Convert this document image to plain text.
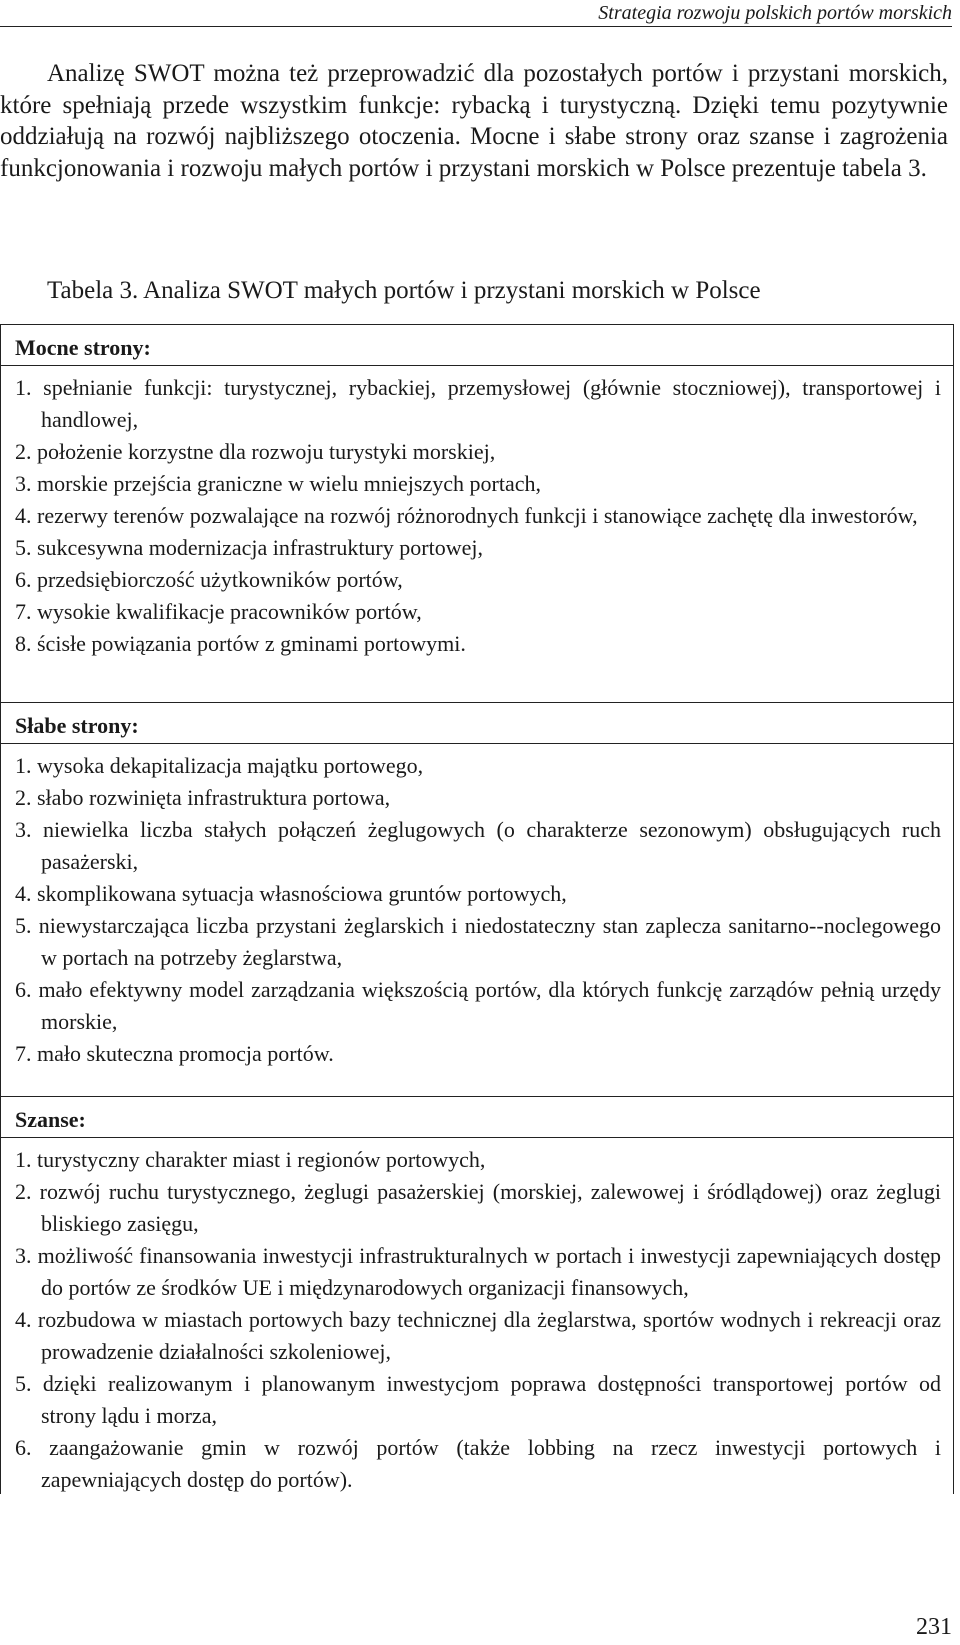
Strategia rozwoju polskich portów morskich

Analizę SWOT można też przeprowadzić dla pozostałych portów i przystani morskich, które spełniają przede wszystkim funkcje: rybacką i turystyczną. Dzięki temu pozytywnie oddziałują na rozwój najbliższego otoczenia. Mocne i słabe strony oraz szanse i zagrożenia funkcjonowania i rozwoju małych portów i przystani morskich w Polsce prezentuje tabela 3.

Tabela 3. Analiza SWOT małych portów i przystani morskich w Polsce

Mocne strony:

1. spełnianie funkcji: turystycznej, rybackiej, przemysłowej (głównie stoczniowej), transportowej i handlowej,

2. położenie korzystne dla rozwoju turystyki morskiej,

3. morskie przejścia graniczne w wielu mniejszych portach,

4. rezerwy terenów pozwalające na rozwój różnorodnych funkcji i stanowiące zachętę dla inwestorów,

5. sukcesywna modernizacja infrastruktury portowej,

6. przedsiębiorczość użytkowników portów,

7. wysokie kwalifikacje pracowników portów,

8. ścisłe powiązania portów z gminami portowymi.

Słabe strony:

1. wysoka dekapitalizacja majątku portowego,

2. słabo rozwinięta infrastruktura portowa,

3. niewielka liczba stałych połączeń żeglugowych (o charakterze sezonowym) obsługujących ruch pasażerski,

4. skomplikowana sytuacja własnościowa gruntów portowych,

5. niewystarczająca liczba przystani żeglarskich i niedostateczny stan zaplecza sanitarno--noclegowego w portach na potrzeby żeglarstwa,

6. mało efektywny model zarządzania większością portów, dla których funkcję zarządów pełnią urzędy morskie,

7. mało skuteczna promocja portów.

Szanse:

1. turystyczny charakter miast i regionów portowych,

2. rozwój ruchu turystycznego, żeglugi pasażerskiej (morskiej, zalewowej i śródlądowej) oraz żeglugi bliskiego zasięgu,

3. możliwość finansowania inwestycji infrastrukturalnych w portach i inwestycji zapewniających dostęp do portów ze środków UE i międzynarodowych organizacji finansowych,

4. rozbudowa w miastach portowych bazy technicznej dla żeglarstwa, sportów wodnych i rekreacji oraz prowadzenie działalności szkoleniowej,

5. dzięki realizowanym i planowanym inwestycjom poprawa dostępności transportowej portów od strony lądu i morza,

6. zaangażowanie gmin w rozwój portów (także lobbing na rzecz inwestycji portowych i zapewniających dostęp do portów).

231
